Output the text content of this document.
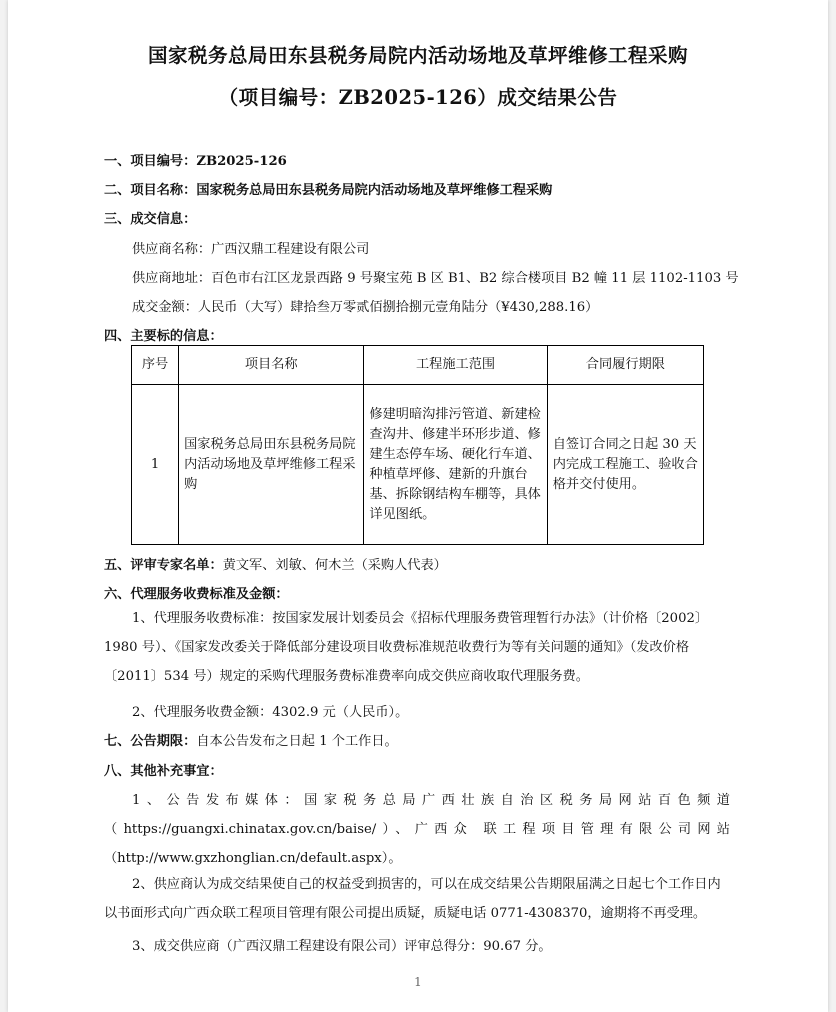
国家税务总局田东县税务局院内活动场地及草坪维修工程采购
（项目编号：ZB2025-126）成交结果公告
一、项目编号：ZB2025-126
二、项目名称：国家税务总局田东县税务局院内活动场地及草坪维修工程采购
三、成交信息：
供应商名称：广西汉鼎工程建设有限公司
供应商地址：百色市右江区龙景西路 9 号聚宝苑 B 区 B1、B2 综合楼项目 B2 幢 11 层 1102-1103 号
成交金额：人民币（大写）肆拾叁万零贰佰捌拾捌元壹角陆分（¥430,288.16）
四、主要标的信息：
序号	项目名称	工程施工范围	合同履行期限
1	国家税务总局田东县税务局院内活动场地及草坪维修工程采购	修建明暗沟排污管道、新建检查沟井、修建半环形步道、修建生态停车场、硬化行车道、种植草坪修、建新的升旗台基、拆除钢结构车棚等，具体详见图纸。	自签订合同之日起 30 天内完成工程施工、验收合格并交付使用。
五、评审专家名单：黄文军、刘敏、何木兰（采购人代表）
六、代理服务收费标准及金额：
1、代理服务收费标准：按国家发展计划委员会《招标代理服务费管理暂行办法》（计价格〔2002〕1980 号）、《国家发改委关于降低部分建设项目收费标准规范收费行为等有关问题的通知》（发改价格〔2011〕534 号）规定的采购代理服务费标准费率向成交供应商收取代理服务费。
2、代理服务收费金额：4302.9 元（人民币）。
七、公告期限：自本公告发布之日起 1 个工作日。
八、其他补充事宜：
1、公告发布媒体：国家税务总局广西壮族自治区税务局网站百色频道
（https://guangxi.chinatax.gov.cn/baise/）、广西众 联工程项目管理有限公司网站
（http://www.gxzhonglian.cn/default.aspx）。
2、供应商认为成交结果使自己的权益受到损害的，可以在成交结果公告期限届满之日起七个工作日内以书面形式向广西众联工程项目管理有限公司提出质疑，质疑电话 0771-4308370，逾期将不再受理。
3、成交供应商（广西汉鼎工程建设有限公司）评审总得分：90.67 分。
1
